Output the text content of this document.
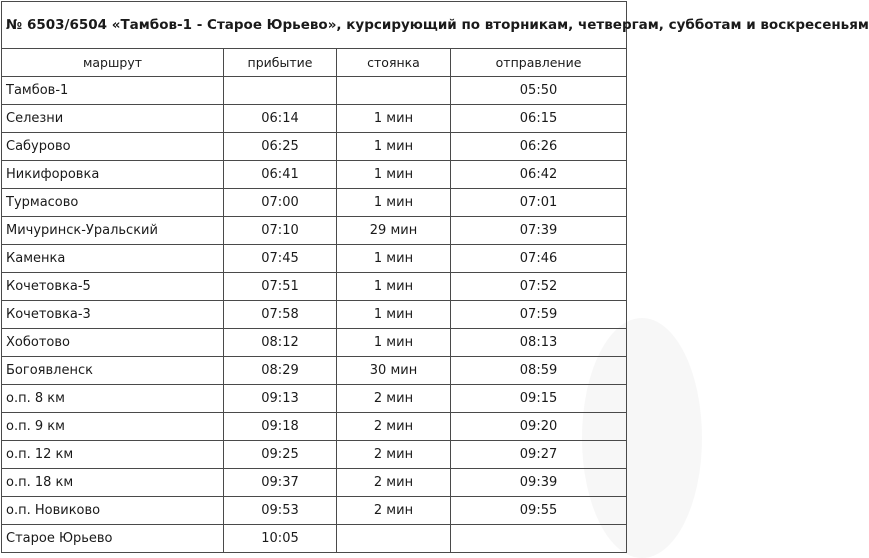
№ 6503/6504 «Тамбов-1 - Старое Юрьево», курсирующий по вторникам, четвергам, субботам и воскресеньям			
маршрут	прибытие	стоянка	отправление
Тамбов-1			05:50
Селезни	06:14	1 мин	06:15
Сабурово	06:25	1 мин	06:26
Никифоровка	06:41	1 мин	06:42
Турмасово	07:00	1 мин	07:01
Мичуринск-Уральский	07:10	29 мин	07:39
Каменка	07:45	1 мин	07:46
Кочетовка-5	07:51	1 мин	07:52
Кочетовка-3	07:58	1 мин	07:59
Хоботово	08:12	1 мин	08:13
Богоявленск	08:29	30 мин	08:59
о.п. 8 км	09:13	2 мин	09:15
о.п. 9 км	09:18	2 мин	09:20
о.п. 12 км	09:25	2 мин	09:27
о.п. 18 км	09:37	2 мин	09:39
о.п. Новиково	09:53	2 мин	09:55
Старое Юрьево	10:05		
